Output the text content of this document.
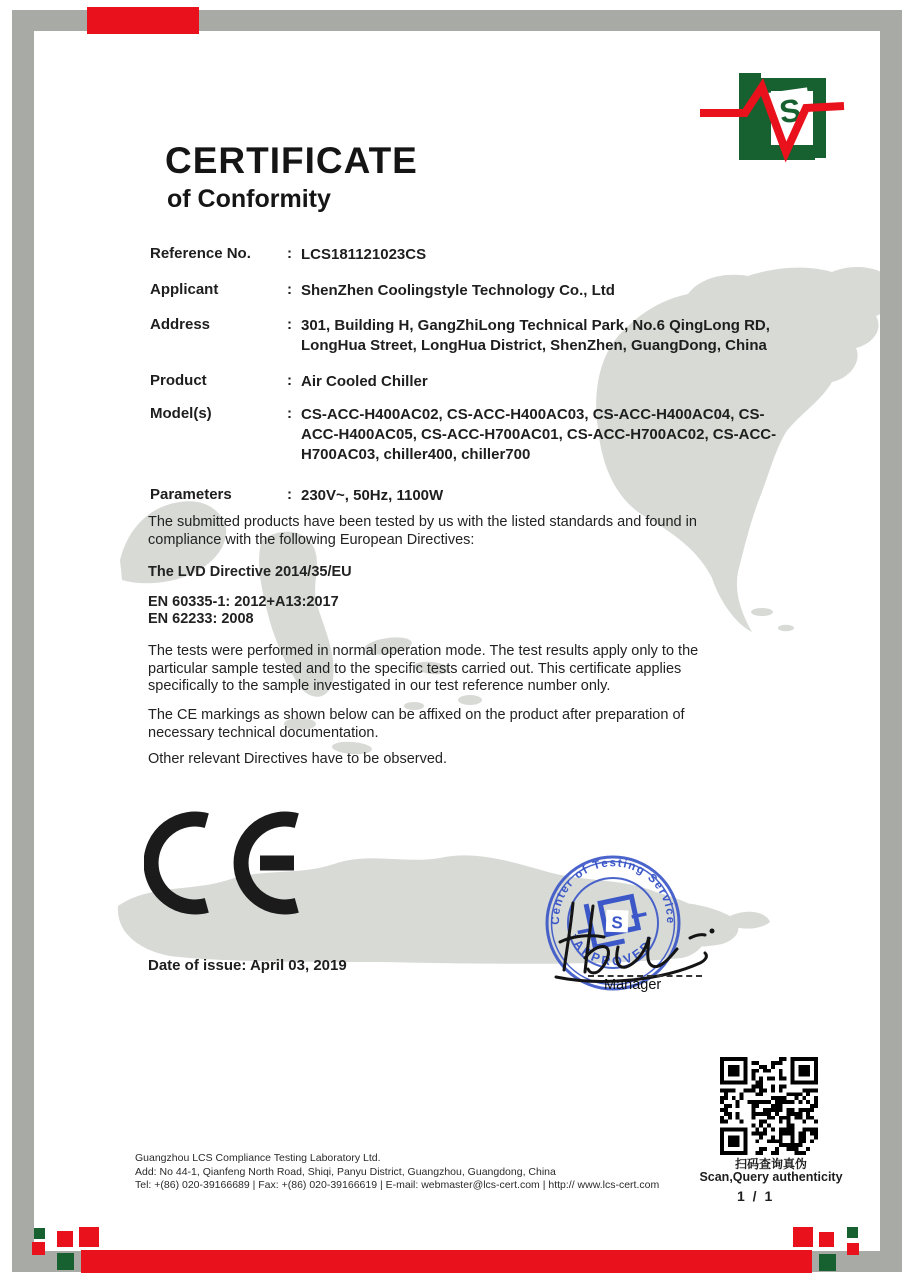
S
CERTIFICATE
of Conformity
Reference No.	: LCS181121023CS
Applicant	: ShenZhen Coolingstyle Technology Co., Ltd
Address	: 301, Building H, GangZhiLong Technical Park, No.6 QingLong RD, LongHua Street, LongHua District, ShenZhen, GuangDong, China
Product	: Air Cooled Chiller
Model(s)	: CS-ACC-H400AC02, CS-ACC-H400AC03, CS-ACC-H400AC04, CS-ACC-H400AC05, CS-ACC-H700AC01, CS-ACC-H700AC02, CS-ACC-H700AC03, chiller400, chiller700
Parameters	: 230V~, 50Hz, 1100W
The submitted products have been tested by us with the listed standards and found in compliance with the following European Directives:
The LVD Directive 2014/35/EU
EN 60335-1: 2012+A13:2017
EN 62233: 2008
The tests were performed in normal operation mode. The test results apply only to the particular sample tested and to the specific tests carried out. This certificate applies specifically to the sample investigated in our test reference number only.
The CE markings as shown below can be affixed on the product after preparation of necessary technical documentation.
Other relevant Directives have to be observed.
Date of issue: April 03, 2019
Center of Testing Service
*APPROVED*
S
Manager
扫码查询真伪
Scan,Query authenticity
1 / 1
Guangzhou LCS Compliance Testing Laboratory Ltd.
Add: No 44-1, Qianfeng North Road, Shiqi, Panyu District, Guangzhou, Guangdong, China
Tel: +(86) 020-39166689 | Fax: +(86) 020-39166619 | E-mail: webmaster@lcs-cert.com | http:// www.lcs-cert.com
